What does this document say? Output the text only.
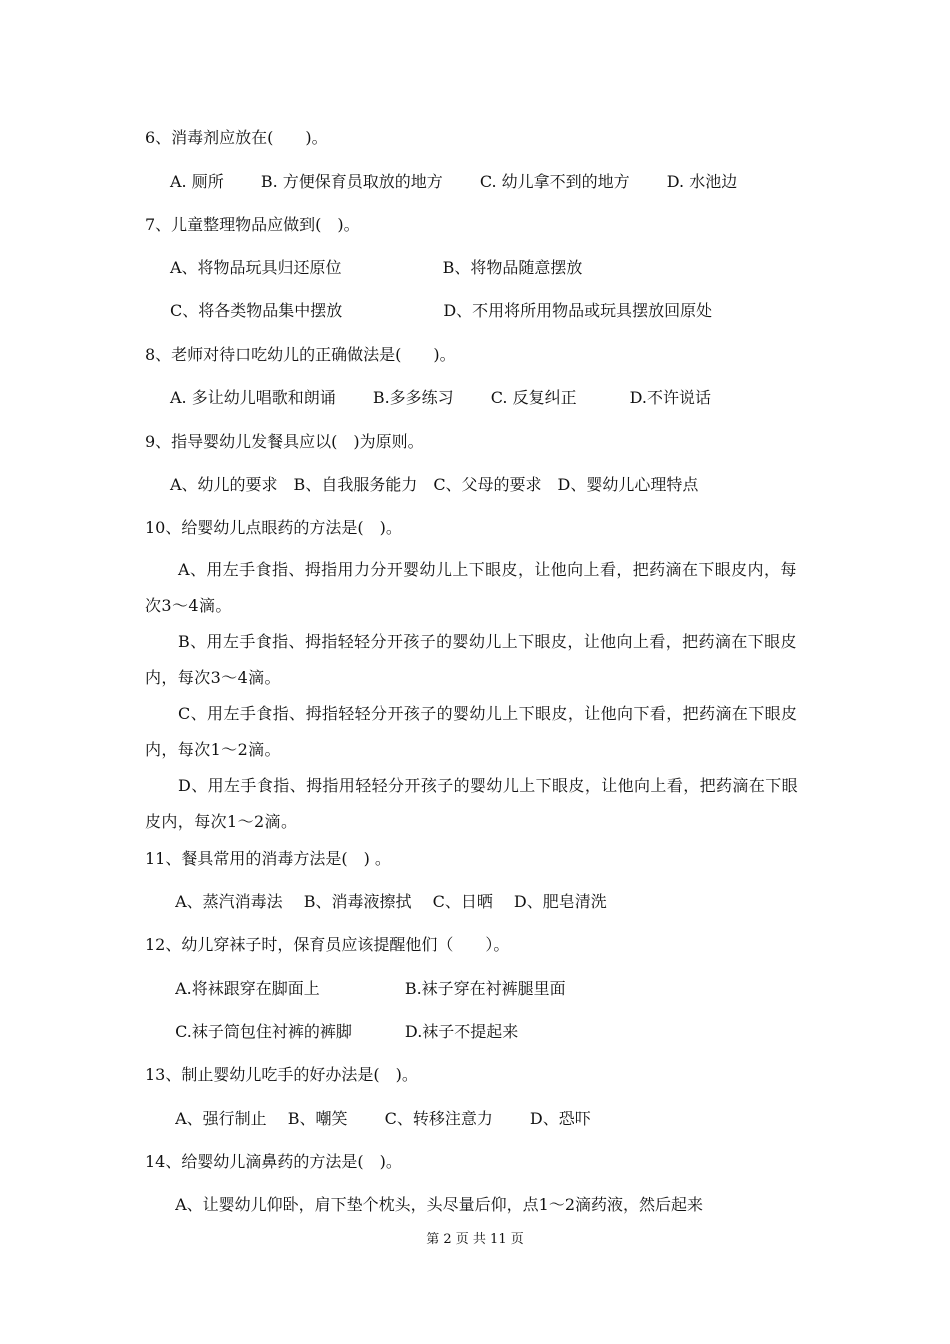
6、消毒剂应放在(　　)。
A. 厕所　　 B. 方便保育员取放的地方　　 C. 幼儿拿不到的地方　　 D. 水池边
7、儿童整理物品应做到(　)。
A、将物品玩具归还原位　　　　　　 B、将物品随意摆放
C、将各类物品集中摆放　　　　　　 D、不用将所用物品或玩具摆放回原处
8、老师对待口吃幼儿的正确做法是(　　)。
A. 多让幼儿唱歌和朗诵　　 B.多多练习　　 C. 反复纠正　　　 D.不许说话
9、指导婴幼儿发餐具应以(　)为原则。
A、幼儿的要求　B、自我服务能力　C、父母的要求　D、婴幼儿心理特点
10、给婴幼儿点眼药的方法是(　)。
A、用左手食指、拇指用力分开婴幼儿上下眼皮，让他向上看，把药滴在下眼皮内，每次3～4滴。
B、用左手食指、拇指轻轻分开孩子的婴幼儿上下眼皮，让他向上看，把药滴在下眼皮内，每次3～4滴。
C、用左手食指、拇指轻轻分开孩子的婴幼儿上下眼皮，让他向下看，把药滴在下眼皮内，每次1～2滴。
D、用左手食指、拇指用轻轻分开孩子的婴幼儿上下眼皮，让他向上看，把药滴在下眼皮内，每次1～2滴。
11、餐具常用的消毒方法是(　) 。
A、蒸汽消毒法　 B、消毒液擦拭　 C、日晒　 D、肥皂清洗
12、幼儿穿袜子时，保育员应该提醒他们（　　）。
A.将袜跟穿在脚面上　　　　　 B.袜子穿在衬裤腿里面
C.袜子筒包住衬裤的裤脚　　　 D.袜子不提起来
13、制止婴幼儿吃手的好办法是(　)。
A、强行制止　 B、嘲笑　　 C、转移注意力　　 D、恐吓
14、给婴幼儿滴鼻药的方法是(　)。
A、让婴幼儿仰卧，肩下垫个枕头，头尽量后仰，点1～2滴药液，然后起来
第 2 页 共 11 页
